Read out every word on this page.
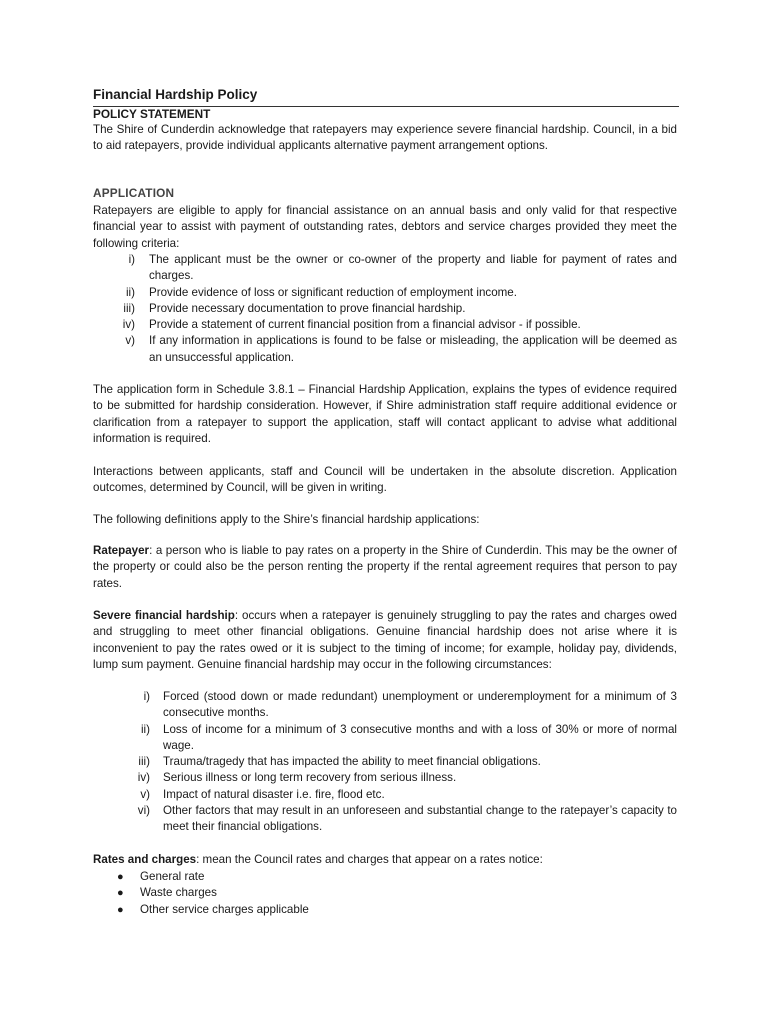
Financial Hardship Policy
POLICY STATEMENT
The Shire of Cunderdin acknowledge that ratepayers may experience severe financial hardship. Council, in a bid to aid ratepayers, provide individual applicants alternative payment arrangement options.
APPLICATION
Ratepayers are eligible to apply for financial assistance on an annual basis and only valid for that respective financial year to assist with payment of outstanding rates, debtors and service charges provided they meet the following criteria:
i) The applicant must be the owner or co-owner of the property and liable for payment of rates and charges.
ii) Provide evidence of loss or significant reduction of employment income.
iii) Provide necessary documentation to prove financial hardship.
iv) Provide a statement of current financial position from a financial advisor - if possible.
v) If any information in applications is found to be false or misleading, the application will be deemed as an unsuccessful application.
The application form in Schedule 3.8.1 – Financial Hardship Application, explains the types of evidence required to be submitted for hardship consideration. However, if Shire administration staff require additional evidence or clarification from a ratepayer to support the application, staff will contact applicant to advise what additional information is required.
Interactions between applicants, staff and Council will be undertaken in the absolute discretion. Application outcomes, determined by Council, will be given in writing.
The following definitions apply to the Shire’s financial hardship applications:
Ratepayer: a person who is liable to pay rates on a property in the Shire of Cunderdin. This may be the owner of the property or could also be the person renting the property if the rental agreement requires that person to pay rates.
Severe financial hardship: occurs when a ratepayer is genuinely struggling to pay the rates and charges owed and struggling to meet other financial obligations. Genuine financial hardship does not arise where it is inconvenient to pay the rates owed or it is subject to the timing of income; for example, holiday pay, dividends, lump sum payment. Genuine financial hardship may occur in the following circumstances:
i) Forced (stood down or made redundant) unemployment or underemployment for a minimum of 3 consecutive months.
ii) Loss of income for a minimum of 3 consecutive months and with a loss of 30% or more of normal wage.
iii) Trauma/tragedy that has impacted the ability to meet financial obligations.
iv) Serious illness or long term recovery from serious illness.
v) Impact of natural disaster i.e. fire, flood etc.
vi) Other factors that may result in an unforeseen and substantial change to the ratepayer’s capacity to meet their financial obligations.
Rates and charges: mean the Council rates and charges that appear on a rates notice:
● General rate
● Waste charges
● Other service charges applicable
